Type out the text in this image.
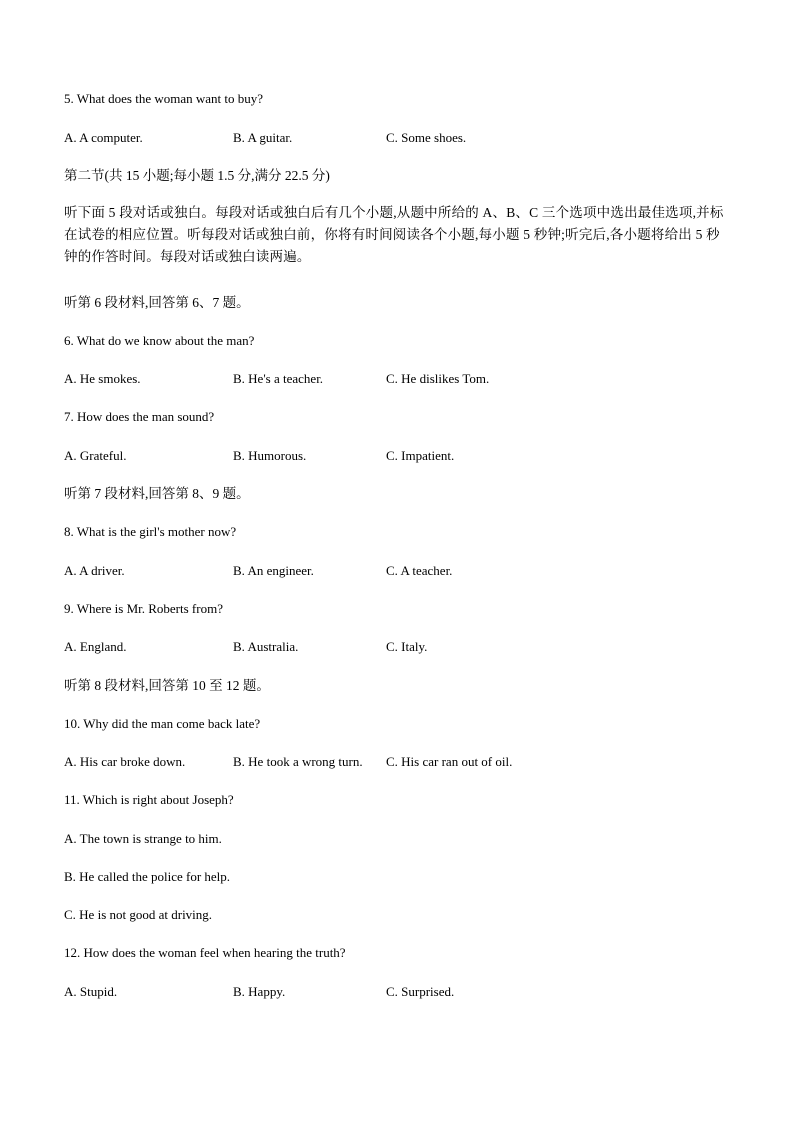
5. What does the woman want to buy?
A. A computer.	B. A guitar.	C. Some shoes.
第二节(共 15 小题;每小题 1.5 分,满分 22.5 分)
听下面 5 段对话或独白。每段对话或独白后有几个小题,从题中所给的 A、B、C 三个选项中选出最佳选项,并标在试卷的相应位置。听每段对话或独白前，你将有时间阅读各个小题,每小题 5 秒钟;听完后,各小题将给出 5 秒钟的作答时间。每段对话或独白读两遍。
听第 6 段材料,回答第 6、7 题。
6. What do we know about the man?
A. He smokes.	B. He's a teacher.	C. He dislikes Tom.
7. How does the man sound?
A. Grateful.	B. Humorous.	C. Impatient.
听第 7 段材料,回答第 8、9 题。
8. What is the girl's mother now?
A. A driver.	B. An engineer.	C. A teacher.
9. Where is Mr. Roberts from?
A. England.	B. Australia.	C. Italy.
听第 8 段材料,回答第 10 至 12 题。
10. Why did the man come back late?
A. His car broke down.	B. He took a wrong turn. C. His car ran out of oil.
11. Which is right about Joseph?
A. The town is strange to him.
B. He called the police for help.
C. He is not good at driving.
12. How does the woman feel when hearing the truth?
A. Stupid.	B. Happy.	C. Surprised.
